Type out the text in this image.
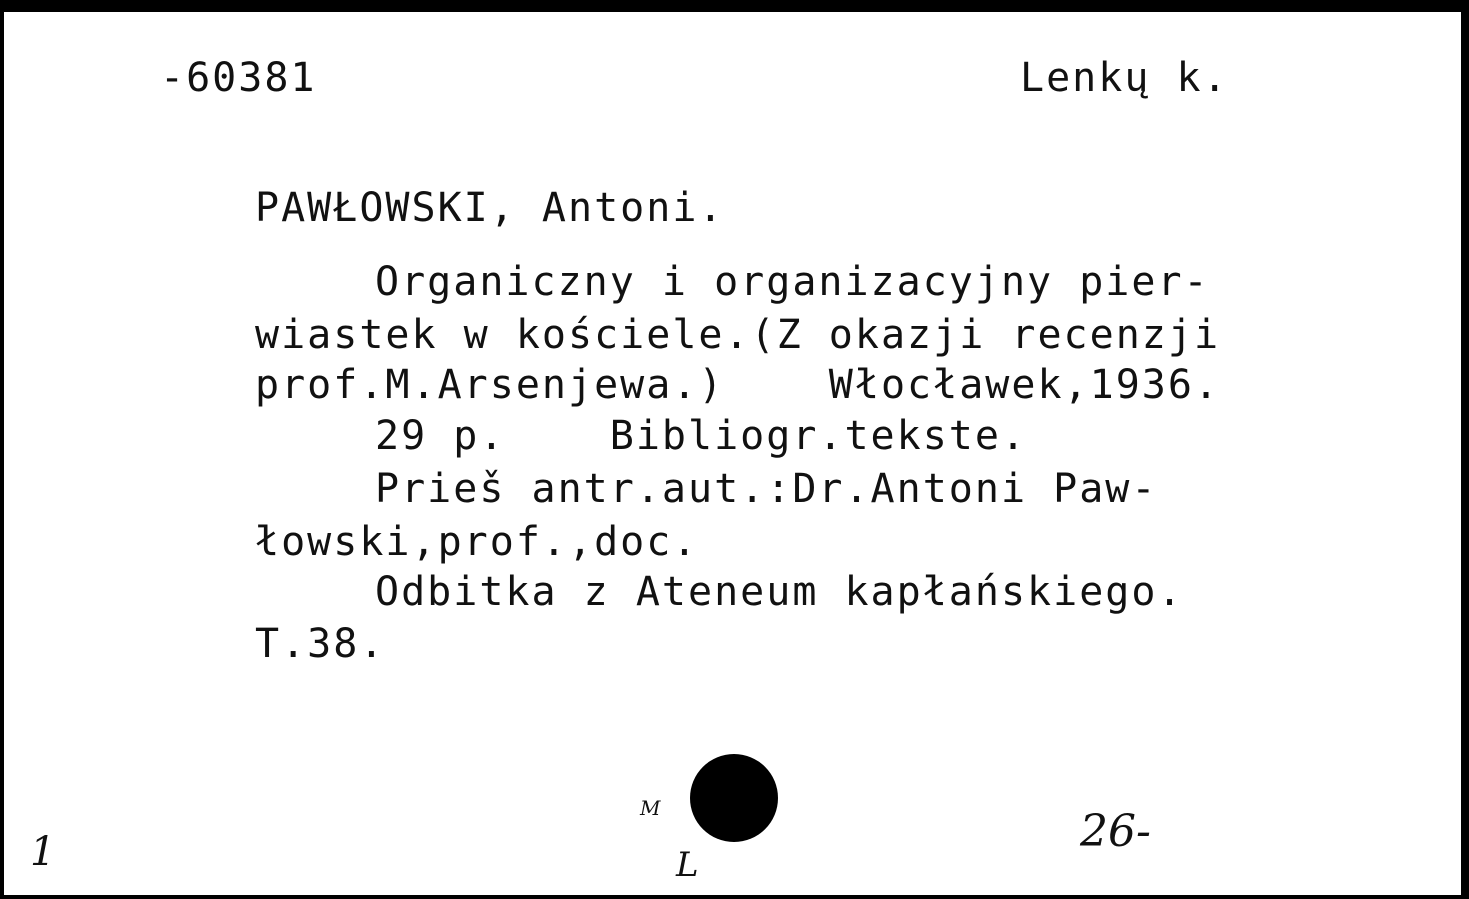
-60381	Lenkų k.
PAWŁOWSKI, Antoni.
Organiczny i organizacyjny pier-
wiastek w kościele.(Z okazji recenzji
prof.M.Arsenjewa.)    Włocławek,1936.
29 p.    Bibliogr.tekste.
Prieš antr.aut.:Dr.Antoni Paw-
łowski,prof.,doc.
Odbitka z Ateneum kapłańskiego.
T.38.
1
M
L
26-
